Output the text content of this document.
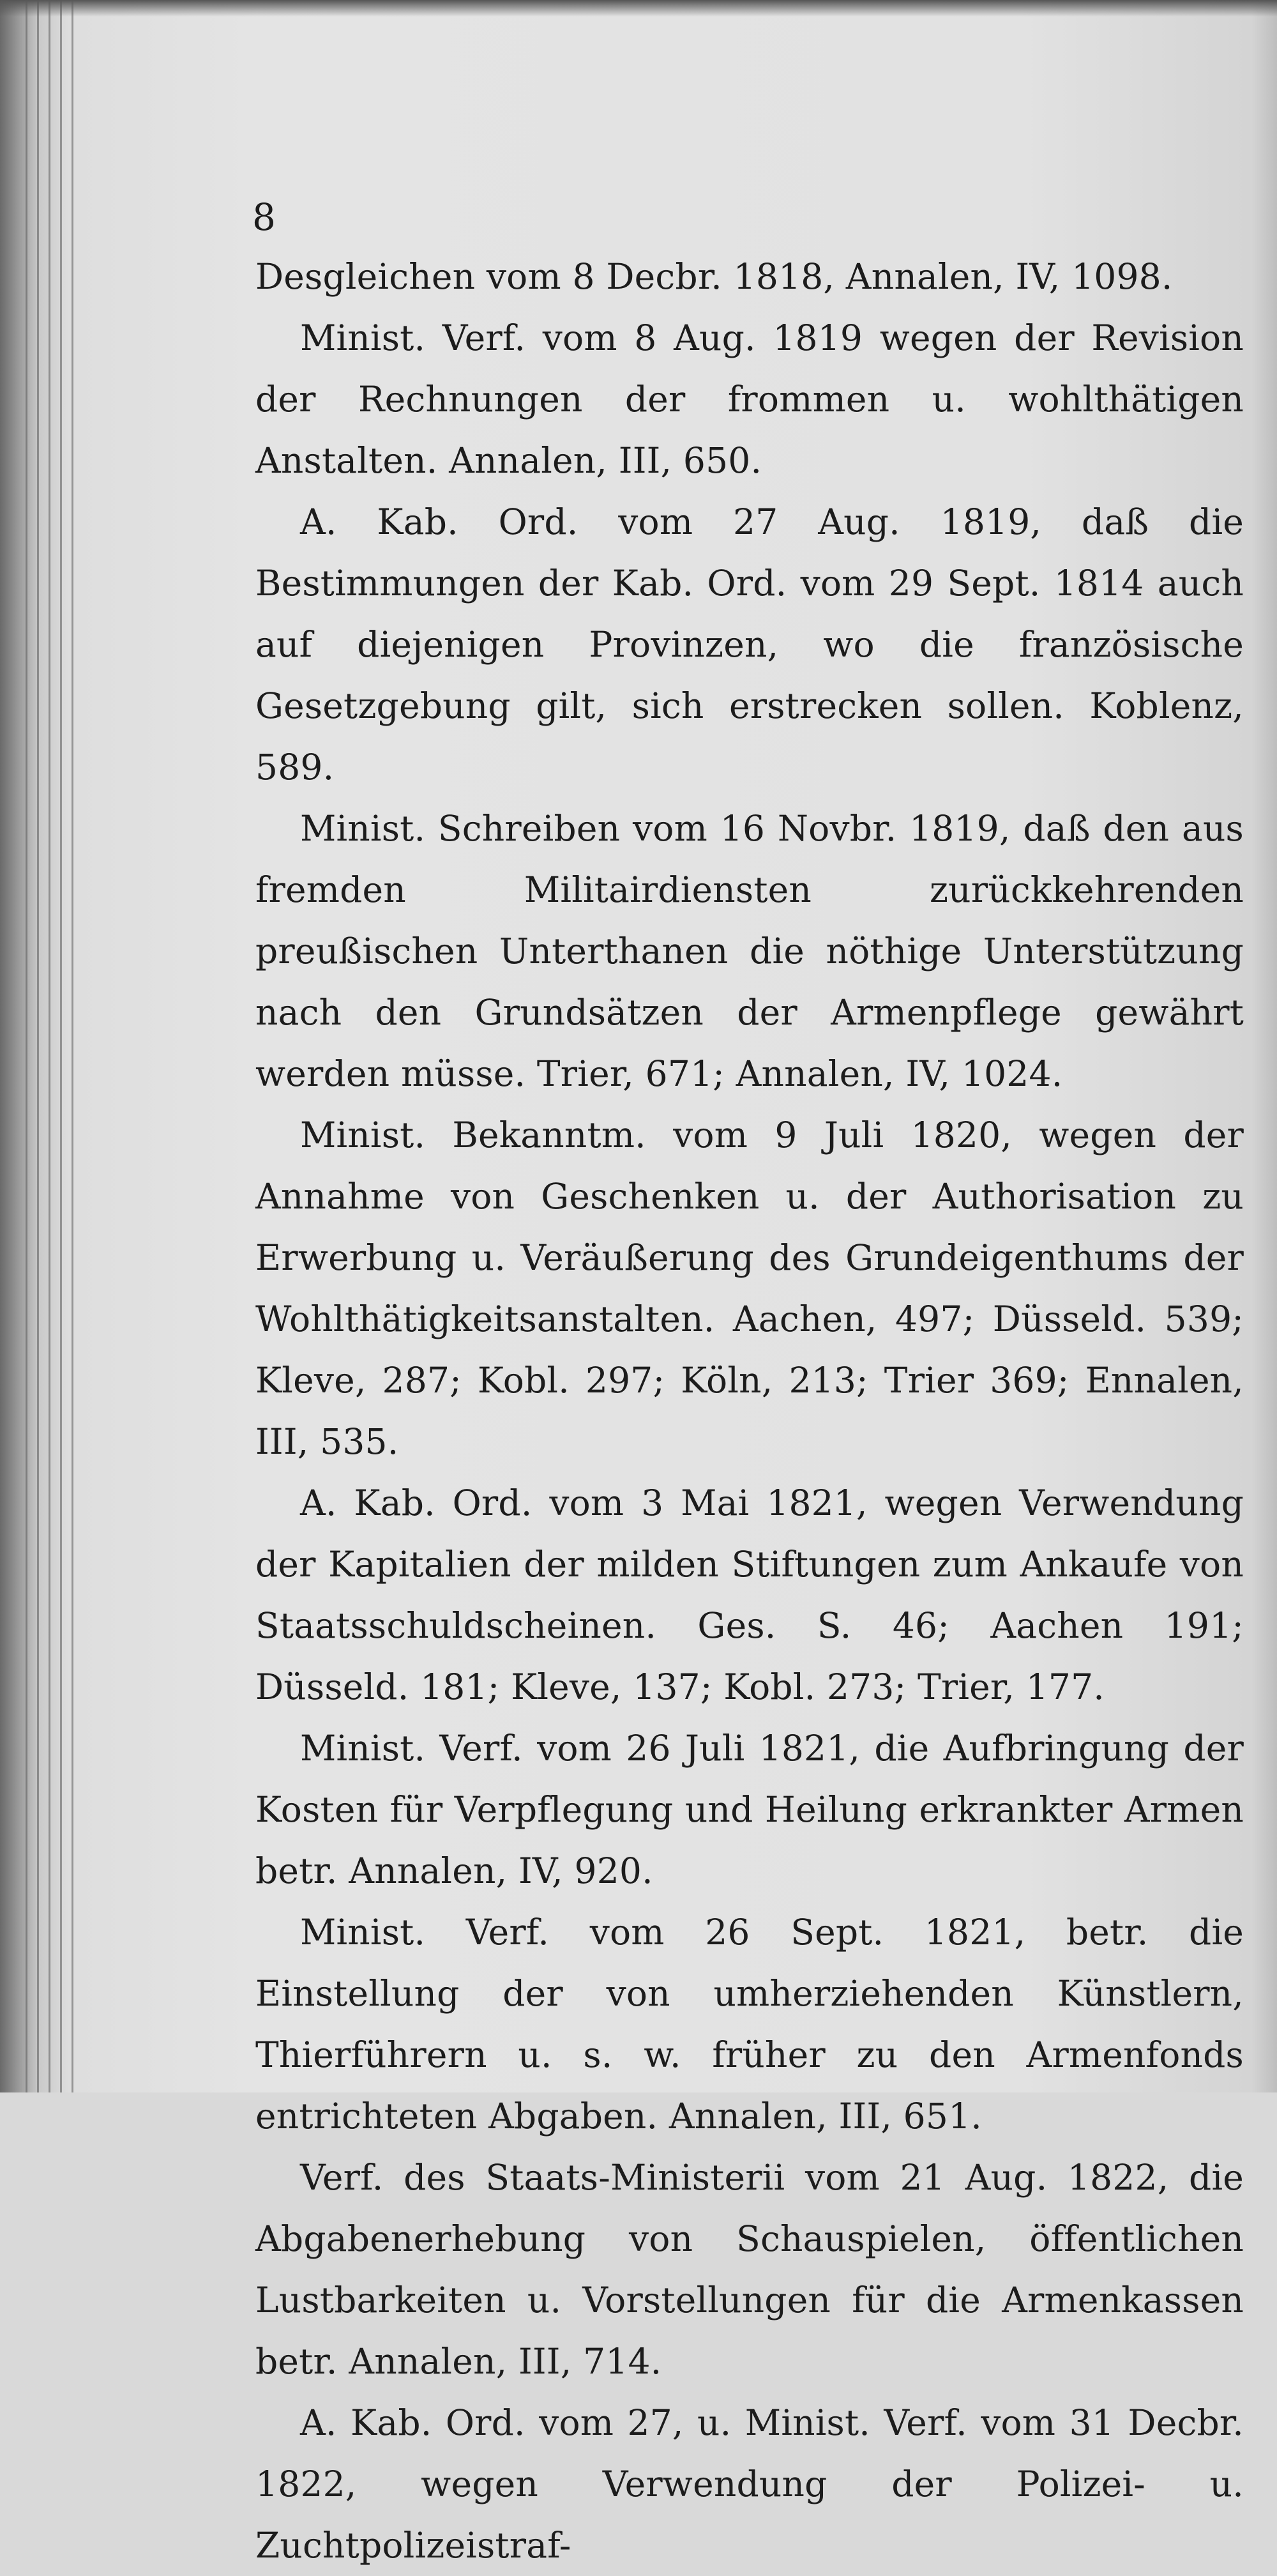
8

Desgleichen vom 8 Decbr. 1818, Annalen, IV, 1098.

Minist. Verf. vom 8 Aug. 1819 wegen der Revision der Rechnungen der frommen u. wohlthätigen Anstalten. Annalen, III, 650.

A. Kab. Ord. vom 27 Aug. 1819, daß die Bestimmungen der Kab. Ord. vom 29 Sept. 1814 auch auf diejenigen Provinzen, wo die französische Gesetzgebung gilt, sich erstrecken sollen. Koblenz, 589.

Minist. Schreiben vom 16 Novbr. 1819, daß den aus fremden Militairdiensten zurückkehrenden preußischen Unterthanen die nöthige Unterstützung nach den Grundsätzen der Armenpflege gewährt werden müsse. Trier, 671; Annalen, IV, 1024.

Minist. Bekanntm. vom 9 Juli 1820, wegen der Annahme von Geschenken u. der Authorisation zu Erwerbung u. Veräußerung des Grundeigenthums der Wohlthätigkeitsanstalten. Aachen, 497; Düsseld. 539; Kleve, 287; Kobl. 297; Köln, 213; Trier 369; Ennalen, III, 535.

A. Kab. Ord. vom 3 Mai 1821, wegen Verwendung der Kapitalien der milden Stiftungen zum Ankaufe von Staatsschuldscheinen. Ges. S. 46; Aachen 191; Düsseld. 181; Kleve, 137; Kobl. 273; Trier, 177.

Minist. Verf. vom 26 Juli 1821, die Aufbringung der Kosten für Verpflegung und Heilung erkrankter Armen betr. Annalen, IV, 920.

Minist. Verf. vom 26 Sept. 1821, betr. die Einstellung der von umherziehenden Künstlern, Thierführern u. s. w. früher zu den Armenfonds entrichteten Abgaben. Annalen, III, 651.

Verf. des Staats-Ministerii vom 21 Aug. 1822, die Abgabenerhebung von Schauspielen, öffentlichen Lustbarkeiten u. Vorstellungen für die Armenkassen betr. Annalen, III, 714.

A. Kab. Ord. vom 27, u. Minist. Verf. vom 31 Decbr. 1822, wegen Verwendung der Polizei- u. Zuchtpolizeistraf-
